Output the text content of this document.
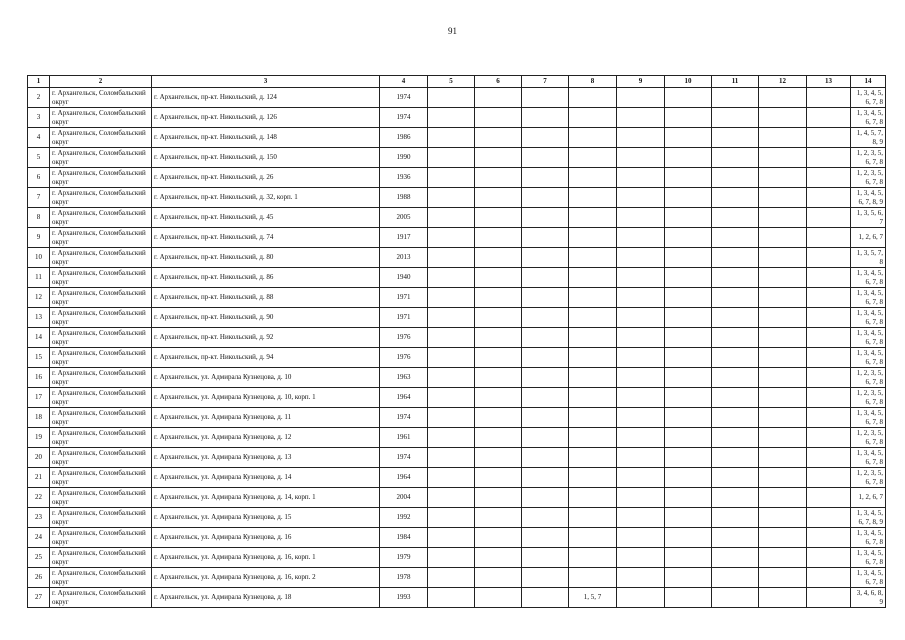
91
1	2	3	4	5	6	7	8	9	10	11	12	13	14
2	г. Архангельск, Соломбальский округ	г. Архангельск, пр-кт. Никольский, д. 124	1974										1, 3, 4, 5, 6, 7, 8
3	г. Архангельск, Соломбальский округ	г. Архангельск, пр-кт. Никольский, д. 126	1974										1, 3, 4, 5, 6, 7, 8
4	г. Архангельск, Соломбальский округ	г. Архангельск, пр-кт. Никольский, д. 148	1986										1, 4, 5, 7, 8, 9
5	г. Архангельск, Соломбальский округ	г. Архангельск, пр-кт. Никольский, д. 150	1990										1, 2, 3, 5, 6, 7, 8
6	г. Архангельск, Соломбальский округ	г. Архангельск, пр-кт. Никольский, д. 26	1936										1, 2, 3, 5, 6, 7, 8
7	г. Архангельск, Соломбальский округ	г. Архангельск, пр-кт. Никольский, д. 32, корп. 1	1988										1, 3, 4, 5, 6, 7, 8, 9
8	г. Архангельск, Соломбальский округ	г. Архангельск, пр-кт. Никольский, д. 45	2005										1, 3, 5, 6, 7
9	г. Архангельск, Соломбальский округ	г. Архангельск, пр-кт. Никольский, д. 74	1917										1, 2, 6, 7
10	г. Архангельск, Соломбальский округ	г. Архангельск, пр-кт. Никольский, д. 80	2013										1, 3, 5, 7, 8
11	г. Архангельск, Соломбальский округ	г. Архангельск, пр-кт. Никольский, д. 86	1940										1, 3, 4, 5, 6, 7, 8
12	г. Архангельск, Соломбальский округ	г. Архангельск, пр-кт. Никольский, д. 88	1971										1, 3, 4, 5, 6, 7, 8
13	г. Архангельск, Соломбальский округ	г. Архангельск, пр-кт. Никольский, д. 90	1971										1, 3, 4, 5, 6, 7, 8
14	г. Архангельск, Соломбальский округ	г. Архангельск, пр-кт. Никольский, д. 92	1976										1, 3, 4, 5, 6, 7, 8
15	г. Архангельск, Соломбальский округ	г. Архангельск, пр-кт. Никольский, д. 94	1976										1, 3, 4, 5, 6, 7, 8
16	г. Архангельск, Соломбальский округ	г. Архангельск, ул. Адмирала Кузнецова, д. 10	1963										1, 2, 3, 5, 6, 7, 8
17	г. Архангельск, Соломбальский округ	г. Архангельск, ул. Адмирала Кузнецова, д. 10, корп. 1	1964										1, 2, 3, 5, 6, 7, 8
18	г. Архангельск, Соломбальский округ	г. Архангельск, ул. Адмирала Кузнецова, д. 11	1974										1, 3, 4, 5, 6, 7, 8
19	г. Архангельск, Соломбальский округ	г. Архангельск, ул. Адмирала Кузнецова, д. 12	1961										1, 2, 3, 5, 6, 7, 8
20	г. Архангельск, Соломбальский округ	г. Архангельск, ул. Адмирала Кузнецова, д. 13	1974										1, 3, 4, 5, 6, 7, 8
21	г. Архангельск, Соломбальский округ	г. Архангельск, ул. Адмирала Кузнецова, д. 14	1964										1, 2, 3, 5, 6, 7, 8
22	г. Архангельск, Соломбальский округ	г. Архангельск, ул. Адмирала Кузнецова, д. 14, корп. 1	2004										1, 2, 6, 7
23	г. Архангельск, Соломбальский округ	г. Архангельск, ул. Адмирала Кузнецова, д. 15	1992										1, 3, 4, 5, 6, 7, 8, 9
24	г. Архангельск, Соломбальский округ	г. Архангельск, ул. Адмирала Кузнецова, д. 16	1984										1, 3, 4, 5, 6, 7, 8
25	г. Архангельск, Соломбальский округ	г. Архангельск, ул. Адмирала Кузнецова, д. 16, корп. 1	1979										1, 3, 4, 5, 6, 7, 8
26	г. Архангельск, Соломбальский округ	г. Архангельск, ул. Адмирала Кузнецова, д. 16, корп. 2	1978										1, 3, 4, 5, 6, 7, 8
27	г. Архангельск, Соломбальский округ	г. Архангельск, ул. Адмирала Кузнецова, д. 18	1993				1, 5, 7						3, 4, 6, 8, 9
